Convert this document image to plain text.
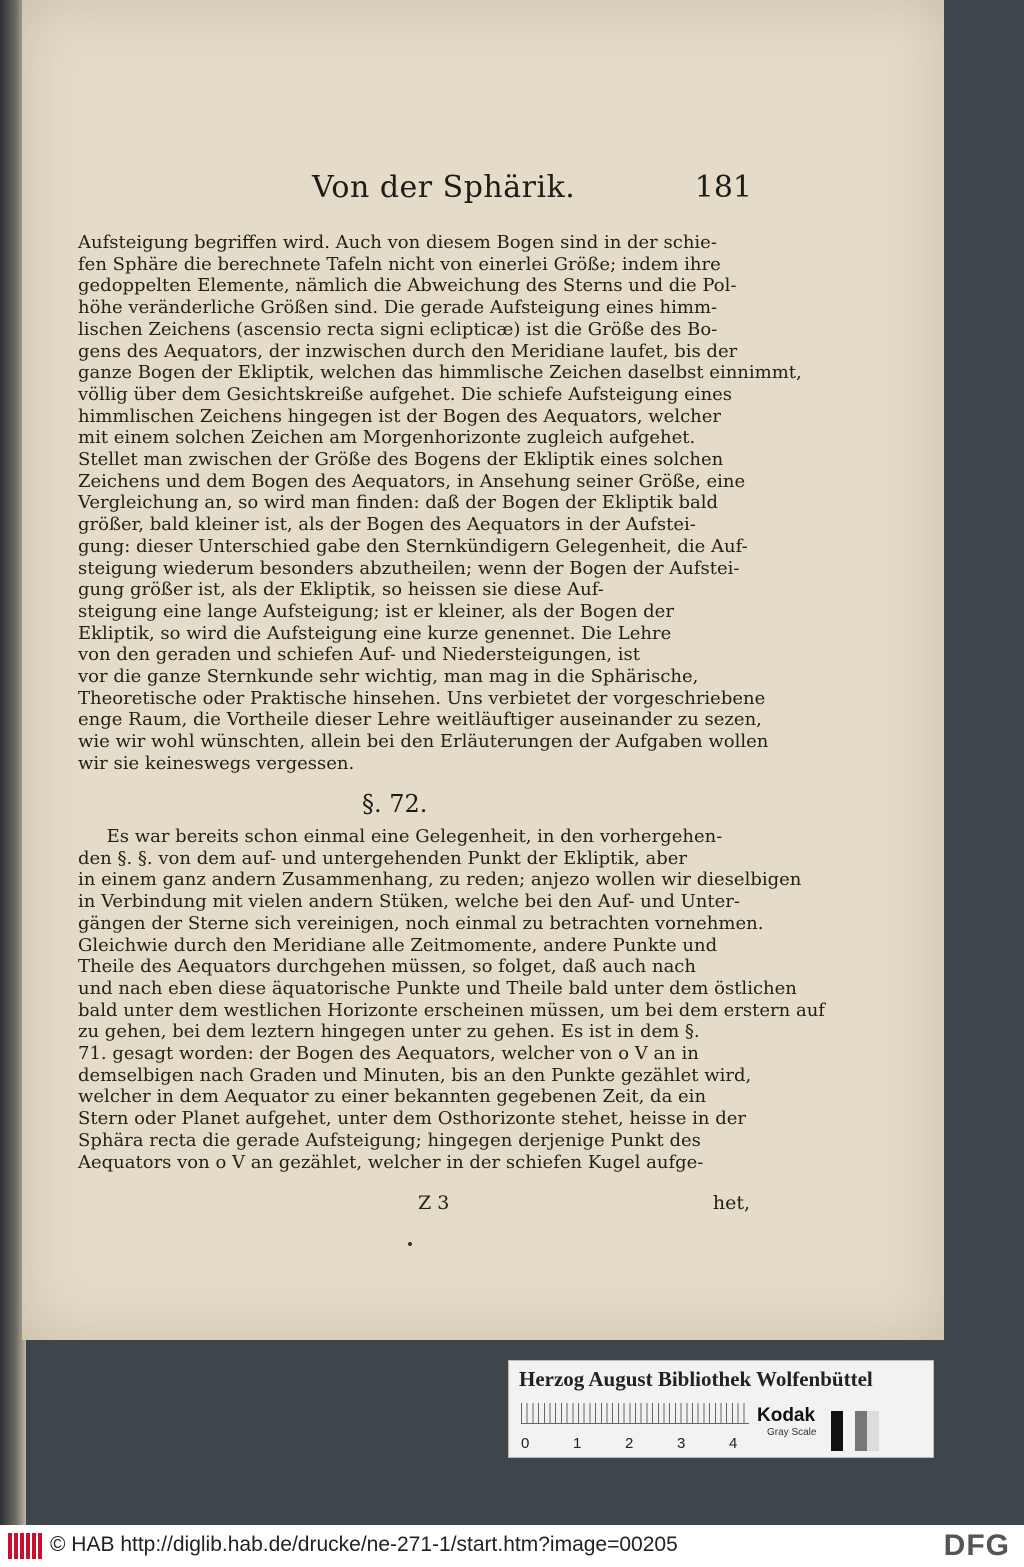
Von der Sphärik.	181
Aufsteigung begriffen wird. Auch von diesem Bogen sind in der schie-
fen Sphäre die berechnete Tafeln nicht von einerlei Größe; indem ihre
gedoppelten Elemente, nämlich die Abweichung des Sterns und die Pol-
höhe veränderliche Größen sind. Die gerade Aufsteigung eines himm-
lischen Zeichens (ascensio recta signi eclipticæ) ist die Größe des Bo-
gens des Aequators, der inzwischen durch den Meridiane laufet, bis der
ganze Bogen der Ekliptik, welchen das himmlische Zeichen daselbst einnimmt,
völlig über dem Gesichtskreiße aufgehet. Die schiefe Aufsteigung eines
himmlischen Zeichens hingegen ist der Bogen des Aequators, welcher
mit einem solchen Zeichen am Morgenhorizonte zugleich aufgehet.
Stellet man zwischen der Größe des Bogens der Ekliptik eines solchen
Zeichens und dem Bogen des Aequators, in Ansehung seiner Größe, eine
Vergleichung an, so wird man finden: daß der Bogen der Ekliptik bald
größer, bald kleiner ist, als der Bogen des Aequators in der Aufstei-
gung: dieser Unterschied gabe den Sternkündigern Gelegenheit, die Auf-
steigung wiederum besonders abzutheilen; wenn der Bogen der Aufstei-
gung größer ist, als der Ekliptik, so heissen sie diese Auf-
steigung eine lange Aufsteigung; ist er kleiner, als der Bogen der
Ekliptik, so wird die Aufsteigung eine kurze genennet. Die Lehre
von den geraden und schiefen Auf- und Niedersteigungen, ist
vor die ganze Sternkunde sehr wichtig, man mag in die Sphärische,
Theoretische oder Praktische hinsehen. Uns verbietet der vorgeschriebene
enge Raum, die Vortheile dieser Lehre weitläuftiger auseinander zu sezen,
wie wir wohl wünschten, allein bei den Erläuterungen der Aufgaben wollen
wir sie keineswegs vergessen.
§. 72.
Es war bereits schon einmal eine Gelegenheit, in den vorhergehen-
den §. §. von dem auf- und untergehenden Punkt der Ekliptik, aber
in einem ganz andern Zusammenhang, zu reden; anjezo wollen wir dieselbigen
in Verbindung mit vielen andern Stüken, welche bei den Auf- und Unter-
gängen der Sterne sich vereinigen, noch einmal zu betrachten vornehmen.
Gleichwie durch den Meridiane alle Zeitmomente, andere Punkte und
Theile des Aequators durchgehen müssen, so folget, daß auch nach
und nach eben diese äquatorische Punkte und Theile bald unter dem östlichen
bald unter dem westlichen Horizonte erscheinen müssen, um bei dem erstern auf
zu gehen, bei dem leztern hingegen unter zu gehen. Es ist in dem §.
71. gesagt worden: der Bogen des Aequators, welcher von o V an in
demselbigen nach Graden und Minuten, bis an den Punkte gezählet wird,
welcher in dem Aequator zu einer bekannten gegebenen Zeit, da ein
Stern oder Planet aufgehet, unter dem Osthorizonte stehet, heisse in der
Sphära recta die gerade Aufsteigung; hingegen derjenige Punkt des
Aequators von o V an gezählet, welcher in der schiefen Kugel aufge-
Z 3	het,
Herzog August Bibliothek Wolfenbüttel
0	1	2	3	4
Kodak
Gray Scale
© HAB http://diglib.hab.de/drucke/ne-271-1/start.htm?image=00205	DFG
